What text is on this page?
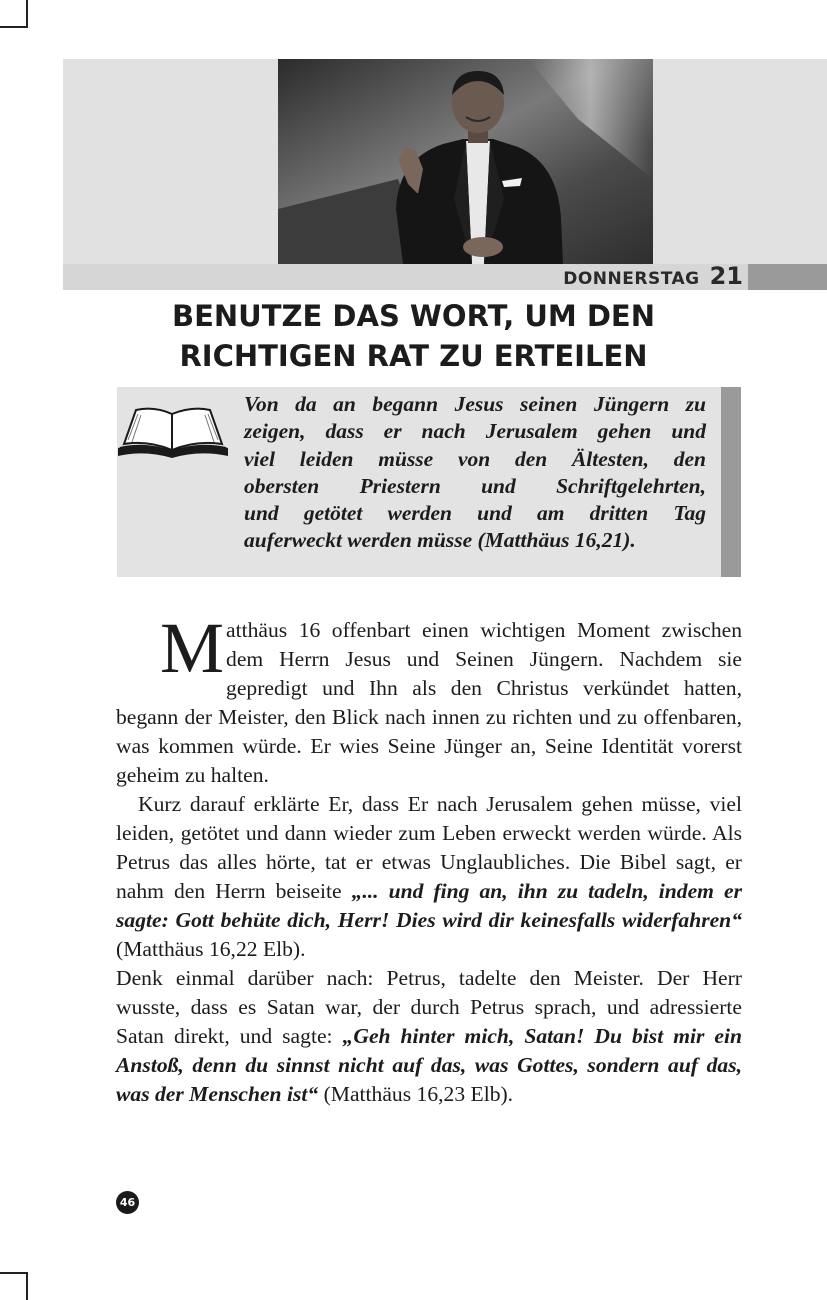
DONNERSTAG 21
BENUTZE DAS WORT, UM DEN
RICHTIGEN RAT ZU ERTEILEN
Von da an begann Jesus seinen Jüngern zu
zeigen, dass er nach Jerusalem gehen und
viel leiden müsse von den Ältesten, den
obersten Priestern und Schriftgelehrten,
und getötet werden und am dritten Tag
auferweckt werden müsse (Matthäus 16,21).

Matthäus 16 offenbart einen wichtigen Moment zwischen dem Herrn Jesus und Seinen Jüngern. Nachdem sie gepredigt und Ihn als den Christus verkündet hatten, begann der Meister, den Blick nach innen zu richten und zu offenbaren, was kommen würde. Er wies Seine Jünger an, Seine Identität vorerst geheim zu halten.

Kurz darauf erklärte Er, dass Er nach Jerusalem gehen müsse, viel leiden, getötet und dann wieder zum Leben erweckt werden würde. Als Petrus das alles hörte, tat er etwas Unglaubliches. Die Bibel sagt, er nahm den Herrn beiseite „... und fing an, ihn zu tadeln, indem er sagte: Gott behüte dich, Herr! Dies wird dir keinesfalls widerfahren“ (Matthäus 16,22 Elb).

Denk einmal darüber nach: Petrus, tadelte den Meister. Der Herr wusste, dass es Satan war, der durch Petrus sprach, und adressierte Satan direkt, und sagte: „Geh hinter mich, Satan! Du bist mir ein Anstoß, denn du sinnst nicht auf das, was Gottes, sondern auf das, was der Menschen ist“ (Matthäus 16,23 Elb).

46
